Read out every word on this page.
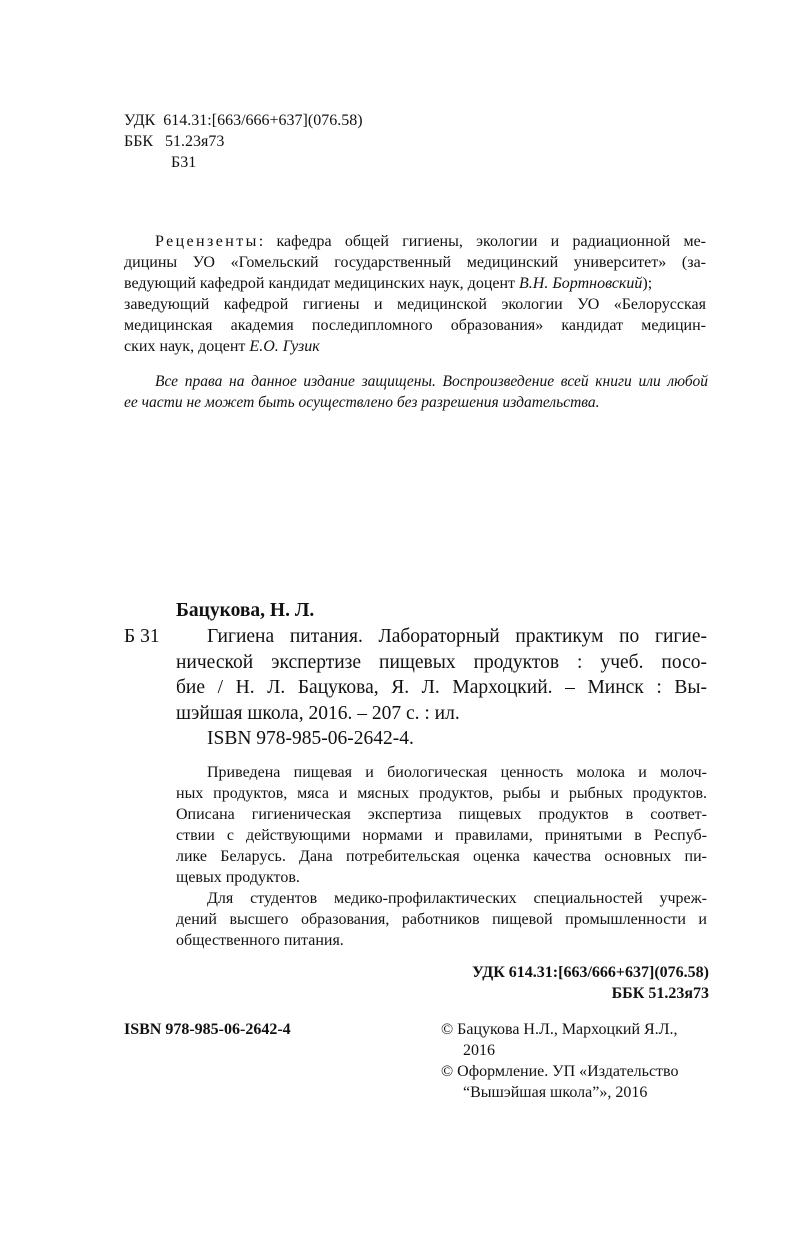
УДК 614.31:[663/666+637](076.58)
ББК 51.23я73
Б31
Рецензенты: кафедра общей гигиены, экологии и радиационной ме-
дицины УО «Гомельский государственный медицинский университет» (за-
ведующий кафедрой кандидат медицинских наук, доцент В.Н. Бортновский);
заведующий кафедрой гигиены и медицинской экологии УО «Белорусская
медицинская академия последипломного образования» кандидат медицин-
ских наук, доцент Е.О. Гузик
Все права на данное издание защищены. Воспроизведение всей книги или любой
ее части не может быть осуществлено без разрешения издательства.
Бацукова, Н. Л.
Б 31	Гигиена питания. Лабораторный практикум по гигие-
нической экспертизе пищевых продуктов : учеб. посо-
бие / Н. Л. Бацукова, Я. Л. Мархоцкий. – Минск : Вы-
шэйшая школа, 2016. – 207 с. : ил.
ISBN 978-985-06-2642-4.
Приведена пищевая и биологическая ценность молока и молоч-
ных продуктов, мяса и мясных продуктов, рыбы и рыбных продуктов.
Описана гигиеническая экспертиза пищевых продуктов в соответ-
ствии с действующими нормами и правилами, принятыми в Респуб-
лике Беларусь. Дана потребительская оценка качества основных пи-
щевых продуктов.
Для студентов медико-профилактических специальностей учреж-
дений высшего образования, работников пищевой промышленности и
общественного питания.
УДК 614.31:[663/666+637](076.58)
ББК 51.23я73
ISBN 978-985-06-2642-4	© Бацукова Н.Л., Мархоцкий Я.Л.,
2016
© Оформление. УП «Издательство
“Вышэйшая школа”», 2016
